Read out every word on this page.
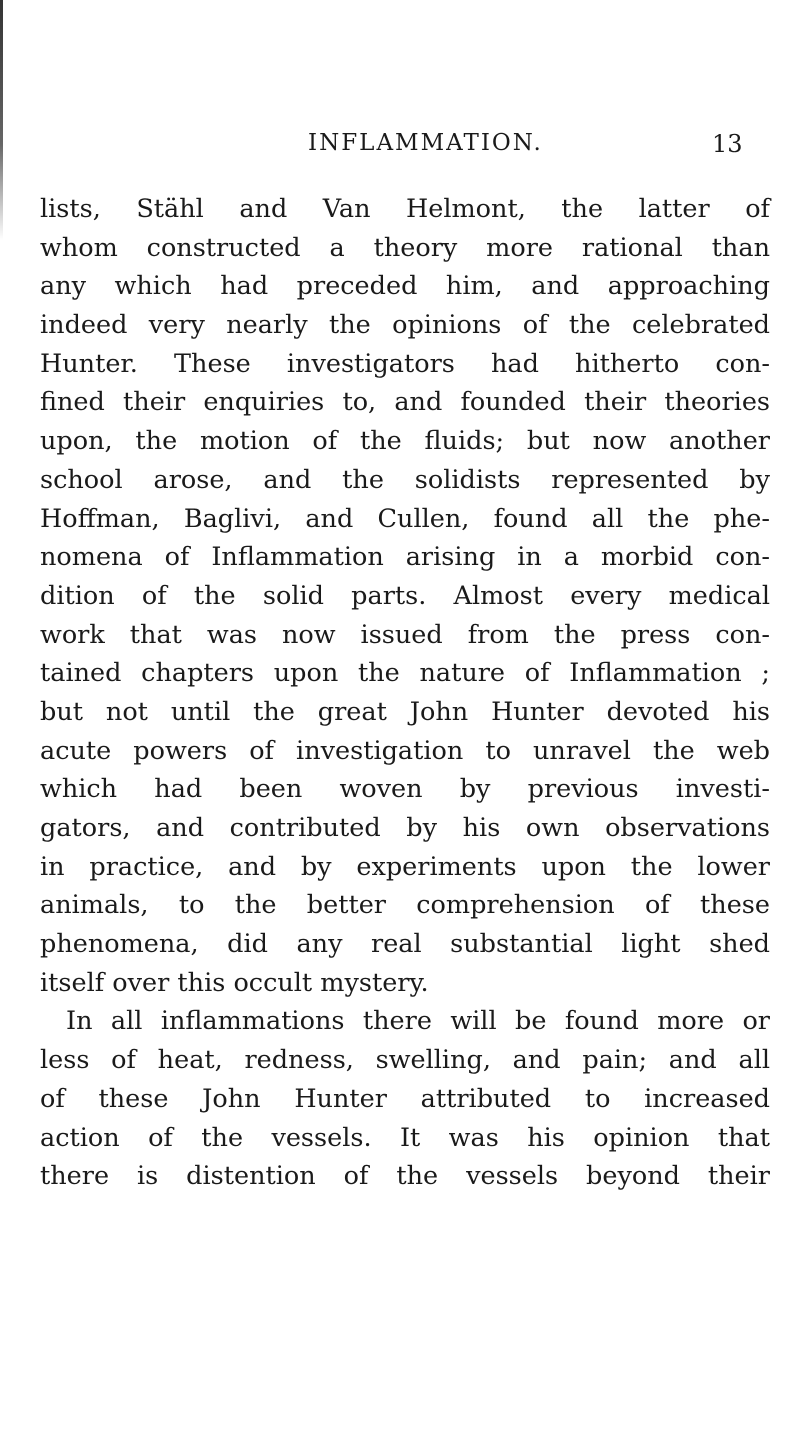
INFLAMMATION.	13
lists, Stähl and Van Helmont, the latter of
whom constructed a theory more rational than
any which had preceded him, and approaching
indeed very nearly the opinions of the celebrated
Hunter. These investigators had hitherto con-
fined their enquiries to, and founded their theories
upon, the motion of the fluids; but now another
school arose, and the solidists represented by
Hoffman, Baglivi, and Cullen, found all the phe-
nomena of Inflammation arising in a morbid con-
dition of the solid parts. Almost every medical
work that was now issued from the press con-
tained chapters upon the nature of Inflammation ;
but not until the great John Hunter devoted his
acute powers of investigation to unravel the web
which had been woven by previous investi-
gators, and contributed by his own observations
in practice, and by experiments upon the lower
animals, to the better comprehension of these
phenomena, did any real substantial light shed
itself over this occult mystery.
In all inflammations there will be found more or
less of heat, redness, swelling, and pain; and all
of these John Hunter attributed to increased
action of the vessels. It was his opinion that
there is distention of the vessels beyond their
